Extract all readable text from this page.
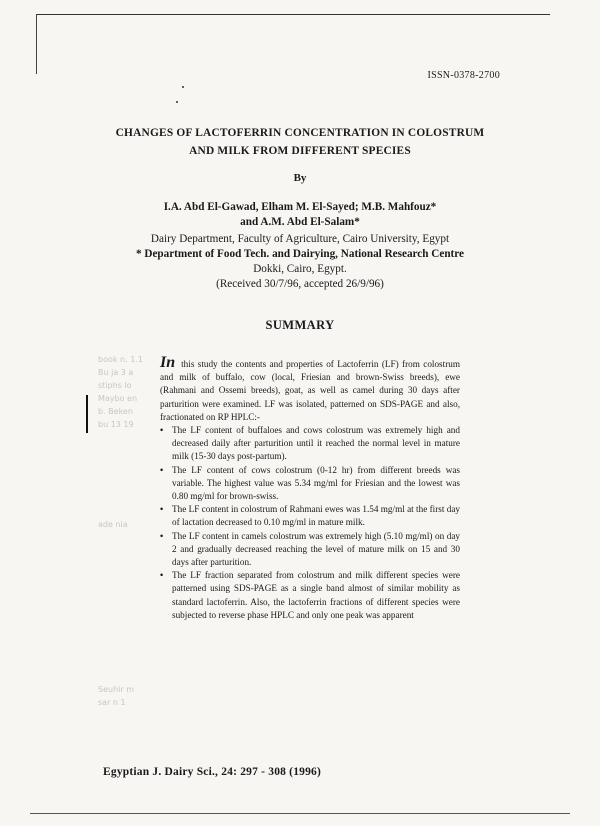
book n. 1.1
Bu ja 3 a
stiphs lo
Maybo en
b. Beken
bu 13 19
ade nia
Seuhir m
sar n 1
ISSN-0378-2700
CHANGES OF LACTOFERRIN CONCENTRATION IN COLOSTRUM
AND MILK FROM DIFFERENT SPECIES
By
I.A. Abd El-Gawad, Elham M. El-Sayed; M.B. Mahfouz*
and A.M. Abd El-Salam*
Dairy Department, Faculty of Agriculture, Cairo University, Egypt
* Department of Food Tech. and Dairying, National Research Centre
Dokki, Cairo, Egypt.
(Received 30/7/96, accepted 26/9/96)
SUMMARY

In this study the contents and properties of Lactoferrin (LF) from colostrum and milk of buffalo, cow (local, Friesian and brown-Swiss breeds), ewe (Rahmani and Ossemi breeds), goat, as well as camel during 30 days after parturition were examined. LF was isolated, patterned on SDS-PAGE and also, fractionated on RP HPLC:-

• The LF content of buffaloes and cows colostrum was extremely high and decreased daily after parturition until it reached the normal level in mature milk (15-30 days post-partum).
• The LF content of cows colostrum (0-12 hr) from different breeds was variable. The highest value was 5.34 mg/ml for Friesian and the lowest was 0.80 mg/ml for brown-swiss.
• The LF content in colostrum of Rahmani ewes was 1.54 mg/ml at the first day of lactation decreased to 0.10 mg/ml in mature milk.
• The LF content in camels colostrum was extremely high (5.10 mg/ml) on day 2 and gradually decreased reaching the level of mature milk on 15 and 30 days after parturition.
• The LF fraction separated from colostrum and milk different species were patterned using SDS-PAGE as a single band almost of similar mobility as standard lactoferrin. Also, the lactoferrin fractions of different species were subjected to reverse phase HPLC and only one peak was apparent
Egyptian J. Dairy Sci., 24: 297 - 308 (1996)
